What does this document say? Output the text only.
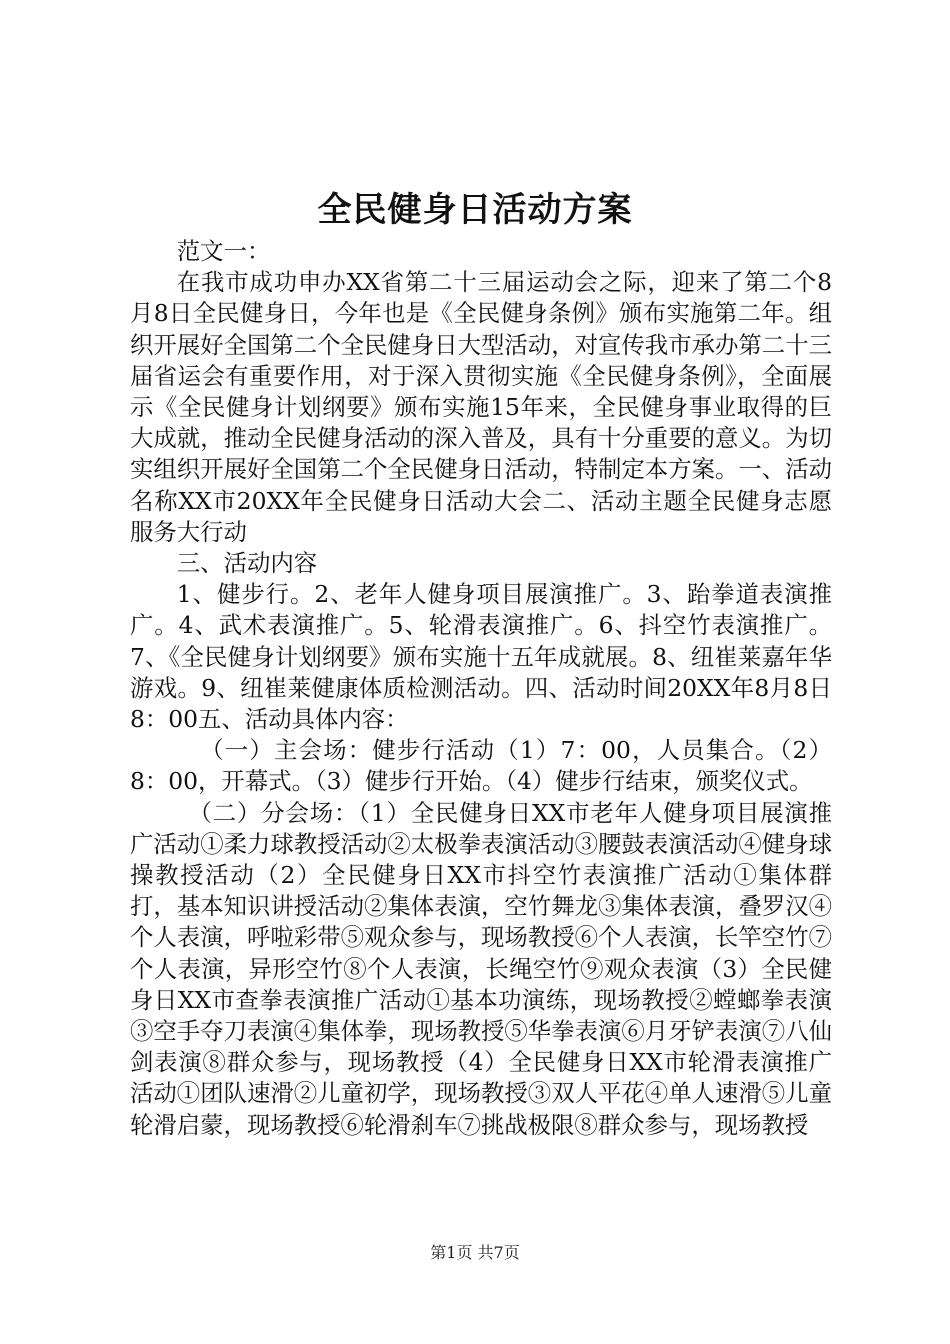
全民健身日活动方案

范文一：

在我市成功申办XX省第二十三届运动会之际，迎来了第二个8月8日全民健身日，今年也是《全民健身条例》颁布实施第二年。组织开展好全国第二个全民健身日大型活动，对宣传我市承办第二十三届省运会有重要作用，对于深入贯彻实施《全民健身条例》，全面展示《全民健身计划纲要》颁布实施15年来，全民健身事业取得的巨大成就，推动全民健身活动的深入普及，具有十分重要的意义。为切实组织开展好全国第二个全民健身日活动，特制定本方案。一、活动名称XX市20XX年全民健身日活动大会二、活动主题全民健身志愿服务大行动

三、活动内容

1、健步行。2、老年人健身项目展演推广。3、跆拳道表演推广。4、武术表演推广。5、轮滑表演推广。6、抖空竹表演推广。7、《全民健身计划纲要》颁布实施十五年成就展。8、纽崔莱嘉年华游戏。9、纽崔莱健康体质检测活动。四、活动时间20XX年8月8日8：00五、活动具体内容：

（一）主会场：健步行活动（1）7：00，人员集合。（2）8：00，开幕式。（3）健步行开始。（4）健步行结束，颁奖仪式。

（二）分会场：（1）全民健身日XX市老年人健身项目展演推广活动①柔力球教授活动②太极拳表演活动③腰鼓表演活动④健身球操教授活动（2）全民健身日XX市抖空竹表演推广活动①集体群打，基本知识讲授活动②集体表演，空竹舞龙③集体表演，叠罗汉④个人表演，呼啦彩带⑤观众参与，现场教授⑥个人表演，长竿空竹⑦个人表演，异形空竹⑧个人表演，长绳空竹⑨观众表演（3）全民健身日XX市查拳表演推广活动①基本功演练，现场教授②螳螂拳表演③空手夺刀表演④集体拳，现场教授⑤华拳表演⑥月牙铲表演⑦八仙剑表演⑧群众参与，现场教授（4）全民健身日XX市轮滑表演推广活动①团队速滑②儿童初学，现场教授③双人平花④单人速滑⑤儿童轮滑启蒙，现场教授⑥轮滑刹车⑦挑战极限⑧群众参与，现场教授

第1页 共7页
